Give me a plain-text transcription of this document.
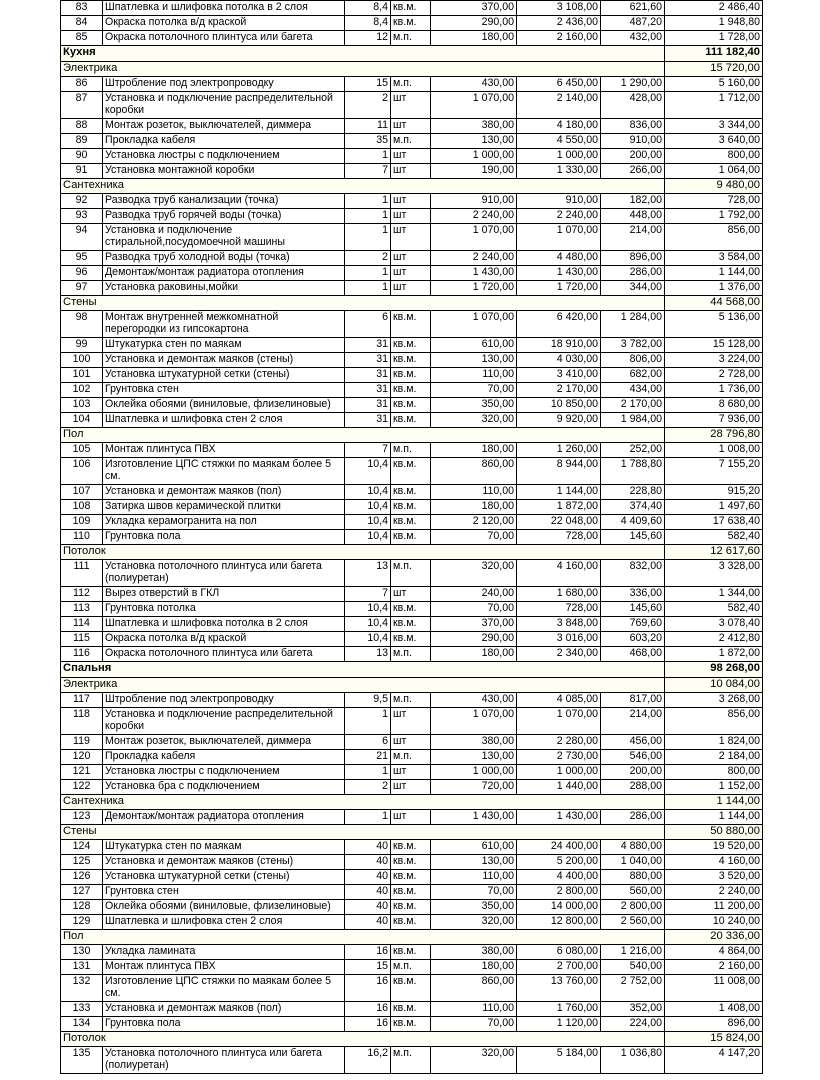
83	Шпатлевка и шлифовка потолка в 2 слоя	8,4	кв.м.	370,00	3 108,00	621,60	2 486,40
84	Окраска потолка в/д краской	8,4	кв.м.	290,00	2 436,00	487,20	1 948,80
85	Окраска потолочного плинтуса или багета	12	м.п.	180,00	2 160,00	432,00	1 728,00
Кухня							111 182,40
Электрика							15 720,00
86	Штробление под электропроводку	15	м.п.	430,00	6 450,00	1 290,00	5 160,00
87	Установка и подключение распределительной коробки	2	шт	1 070,00	2 140,00	428,00	1 712,00
88	Монтаж розеток, выключателей, диммера	11	шт	380,00	4 180,00	836,00	3 344,00
89	Прокладка кабеля	35	м.п.	130,00	4 550,00	910,00	3 640,00
90	Установка люстры с подключением	1	шт	1 000,00	1 000,00	200,00	800,00
91	Установка монтажной коробки	7	шт	190,00	1 330,00	266,00	1 064,00
Сантехника							9 480,00
92	Разводка труб канализации (точка)	1	шт	910,00	910,00	182,00	728,00
93	Разводка труб горячей воды (точка)	1	шт	2 240,00	2 240,00	448,00	1 792,00
94	Установка и подключение стиральной,посудомоечной машины	1	шт	1 070,00	1 070,00	214,00	856,00
95	Разводка труб холодной воды (точка)	2	шт	2 240,00	4 480,00	896,00	3 584,00
96	Демонтаж/монтаж радиатора отопления	1	шт	1 430,00	1 430,00	286,00	1 144,00
97	Установка раковины,мойки	1	шт	1 720,00	1 720,00	344,00	1 376,00
Стены							44 568,00
98	Монтаж внутренней межкомнатной перегородки из гипсокартона	6	кв.м.	1 070,00	6 420,00	1 284,00	5 136,00
99	Штукатурка стен по маякам	31	кв.м.	610,00	18 910,00	3 782,00	15 128,00
100	Установка и демонтаж маяков (стены)	31	кв.м.	130,00	4 030,00	806,00	3 224,00
101	Установка штукатурной сетки (стены)	31	кв.м.	110,00	3 410,00	682,00	2 728,00
102	Грунтовка стен	31	кв.м.	70,00	2 170,00	434,00	1 736,00
103	Оклейка обоями (виниловые, флизелиновые)	31	кв.м.	350,00	10 850,00	2 170,00	8 680,00
104	Шпатлевка и шлифовка стен 2 слоя	31	кв.м.	320,00	9 920,00	1 984,00	7 936,00
Пол							28 796,80
105	Монтаж плинтуса ПВХ	7	м.п.	180,00	1 260,00	252,00	1 008,00
106	Изготовление ЦПС стяжки по маякам более 5 см.	10,4	кв.м.	860,00	8 944,00	1 788,80	7 155,20
107	Установка и демонтаж маяков (пол)	10,4	кв.м.	110,00	1 144,00	228,80	915,20
108	Затирка швов керамической плитки	10,4	кв.м.	180,00	1 872,00	374,40	1 497,60
109	Укладка керамогранита на пол	10,4	кв.м.	2 120,00	22 048,00	4 409,60	17 638,40
110	Грунтовка пола	10,4	кв.м.	70,00	728,00	145,60	582,40
Потолок							12 617,60
111	Установка потолочного плинтуса или багета (полиуретан)	13	м.п.	320,00	4 160,00	832,00	3 328,00
112	Вырез отверстий в ГКЛ	7	шт	240,00	1 680,00	336,00	1 344,00
113	Грунтовка потолка	10,4	кв.м.	70,00	728,00	145,60	582,40
114	Шпатлевка и шлифовка потолка в 2 слоя	10,4	кв.м.	370,00	3 848,00	769,60	3 078,40
115	Окраска потолка в/д краской	10,4	кв.м.	290,00	3 016,00	603,20	2 412,80
116	Окраска потолочного плинтуса или багета	13	м.п.	180,00	2 340,00	468,00	1 872,00
Спальня							98 268,00
Электрика							10 084,00
117	Штробление под электропроводку	9,5	м.п.	430,00	4 085,00	817,00	3 268,00
118	Установка и подключение распределительной коробки	1	шт	1 070,00	1 070,00	214,00	856,00
119	Монтаж розеток, выключателей, диммера	6	шт	380,00	2 280,00	456,00	1 824,00
120	Прокладка кабеля	21	м.п.	130,00	2 730,00	546,00	2 184,00
121	Установка люстры с подключением	1	шт	1 000,00	1 000,00	200,00	800,00
122	Установка бра с подключением	2	шт	720,00	1 440,00	288,00	1 152,00
Сантехника							1 144,00
123	Демонтаж/монтаж радиатора отопления	1	шт	1 430,00	1 430,00	286,00	1 144,00
Стены							50 880,00
124	Штукатурка стен по маякам	40	кв.м.	610,00	24 400,00	4 880,00	19 520,00
125	Установка и демонтаж маяков (стены)	40	кв.м.	130,00	5 200,00	1 040,00	4 160,00
126	Установка штукатурной сетки (стены)	40	кв.м.	110,00	4 400,00	880,00	3 520,00
127	Грунтовка стен	40	кв.м.	70,00	2 800,00	560,00	2 240,00
128	Оклейка обоями (виниловые, флизелиновые)	40	кв.м.	350,00	14 000,00	2 800,00	11 200,00
129	Шпатлевка и шлифовка стен 2 слоя	40	кв.м.	320,00	12 800,00	2 560,00	10 240,00
Пол							20 336,00
130	Укладка ламината	16	кв.м.	380,00	6 080,00	1 216,00	4 864,00
131	Монтаж плинтуса ПВХ	15	м.п.	180,00	2 700,00	540,00	2 160,00
132	Изготовление ЦПС стяжки по маякам более 5 см.	16	кв.м.	860,00	13 760,00	2 752,00	11 008,00
133	Установка и демонтаж маяков (пол)	16	кв.м.	110,00	1 760,00	352,00	1 408,00
134	Грунтовка пола	16	кв.м.	70,00	1 120,00	224,00	896,00
Потолок							15 824,00
135	Установка потолочного плинтуса или багета (полиуретан)	16,2	м.п.	320,00	5 184,00	1 036,80	4 147,20
